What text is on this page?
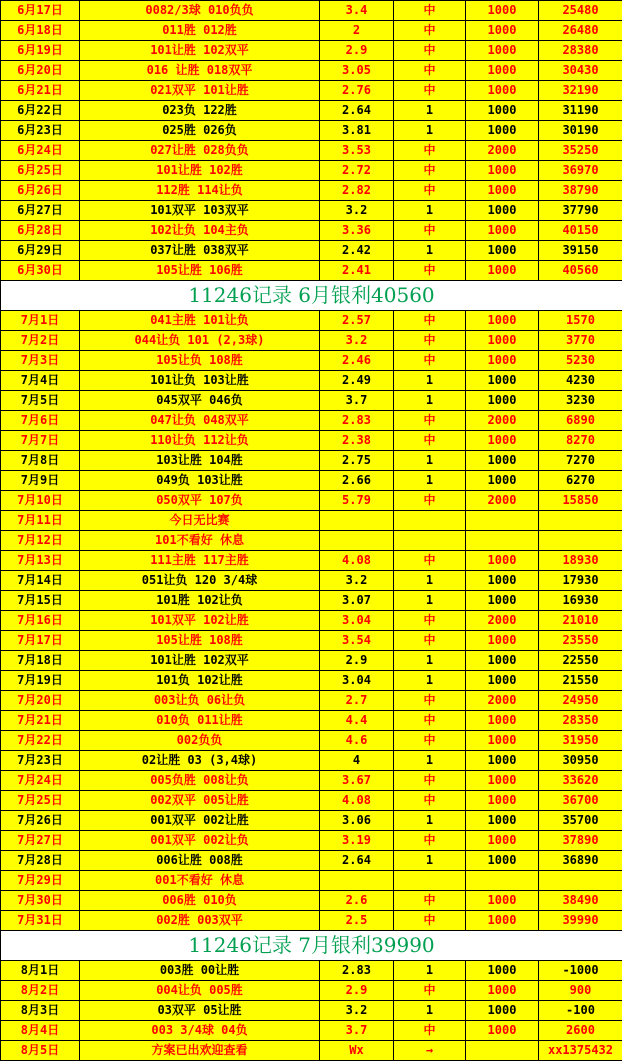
6月17日	0082/3球 010负负	3.4	中	1000	25480
6月18日	011胜 012胜	2	中	1000	26480
6月19日	101让胜 102双平	2.9	中	1000	28380
6月20日	016 让胜 018双平	3.05	中	1000	30430
6月21日	021双平 101让胜	2.76	中	1000	32190
6月22日	023负 122胜	2.64	1	1000	31190
6月23日	025胜 026负	3.81	1	1000	30190
6月24日	027让胜 028负负	3.53	中	2000	35250
6月25日	101让胜 102胜	2.72	中	1000	36970
6月26日	112胜 114让负	2.82	中	1000	38790
6月27日	101双平 103双平	3.2	1	1000	37790
6月28日	102让负 104主负	3.36	中	1000	40150
6月29日	037让胜 038双平	2.42	1	1000	39150
6月30日	105让胜 106胜	2.41	中	1000	40560
11246记录 6月银利40560					
7月1日	041主胜 101让负	2.57	中	1000	1570
7月2日	044让负 101 (2,3球)	3.2	中	1000	3770
7月3日	105让负 108胜	2.46	中	1000	5230
7月4日	101让负 103让胜	2.49	1	1000	4230
7月5日	045双平 046负	3.7	1	1000	3230
7月6日	047让负 048双平	2.83	中	2000	6890
7月7日	110让负 112让负	2.38	中	1000	8270
7月8日	103让胜 104胜	2.75	1	1000	7270
7月9日	049负 103让胜	2.66	1	1000	6270
7月10日	050双平 107负	5.79	中	2000	15850
7月11日	今日无比赛				
7月12日	101不看好 休息				
7月13日	111主胜 117主胜	4.08	中	1000	18930
7月14日	051让负 120 3/4球	3.2	1	1000	17930
7月15日	101胜 102让负	3.07	1	1000	16930
7月16日	101双平 102让胜	3.04	中	2000	21010
7月17日	105让胜 108胜	3.54	中	1000	23550
7月18日	101让胜 102双平	2.9	1	1000	22550
7月19日	101负 102让胜	3.04	1	1000	21550
7月20日	003让负 06让负	2.7	中	2000	24950
7月21日	010负 011让胜	4.4	中	1000	28350
7月22日	002负负	4.6	中	1000	31950
7月23日	02让胜 03 (3,4球)	4	1	1000	30950
7月24日	005负胜 008让负	3.67	中	1000	33620
7月25日	002双平 005让胜	4.08	中	1000	36700
7月26日	001双平 002让胜	3.06	1	1000	35700
7月27日	001双平 002让负	3.19	中	1000	37890
7月28日	006让胜 008胜	2.64	1	1000	36890
7月29日	001不看好 休息				
7月30日	006胜 010负	2.6	中	1000	38490
7月31日	002胜 003双平	2.5	中	1000	39990
11246记录 7月银利39990					
8月1日	003胜 00让胜	2.83	1	1000	-1000
8月2日	004让负 005胜	2.9	中	1000	900
8月3日	03双平 05让胜	3.2	1	1000	-100
8月4日	003 3/4球 04负	3.7	中	1000	2600
8月5日	方案已出欢迎查看	Wx	→		xx1375432
